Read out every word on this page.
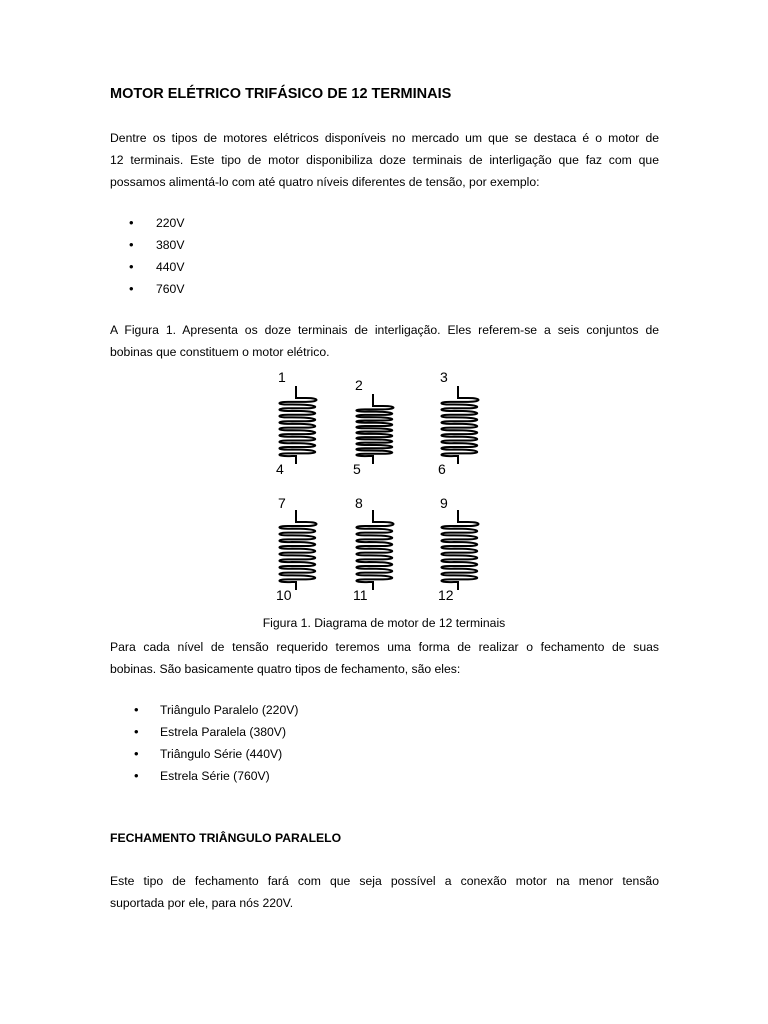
MOTOR ELÉTRICO TRIFÁSICO DE 12 TERMINAIS
Dentre os tipos de motores elétricos disponíveis no mercado um que se destaca é o motor de
12 terminais. Este tipo de motor disponibiliza doze terminais de interligação que faz com que
possamos alimentá-lo com até quatro níveis diferentes de tensão, por exemplo:
• 220V
• 380V
• 440V
• 760V
A Figura 1. Apresenta os doze terminais de interligação. Eles referem-se a seis conjuntos de
bobinas que constituem o motor elétrico.
1
4
2
5
3
6
7
10
8
11
9
12
Figura 1. Diagrama de motor de 12 terminais
Para cada nível de tensão requerido teremos uma forma de realizar o fechamento de suas
bobinas. São basicamente quatro tipos de fechamento, são eles:
• Triângulo Paralelo (220V)
• Estrela Paralela (380V)
• Triângulo Série (440V)
• Estrela Série (760V)
FECHAMENTO TRIÂNGULO PARALELO
Este tipo de fechamento fará com que seja possível a conexão motor na menor tensão
suportada por ele, para nós 220V.
